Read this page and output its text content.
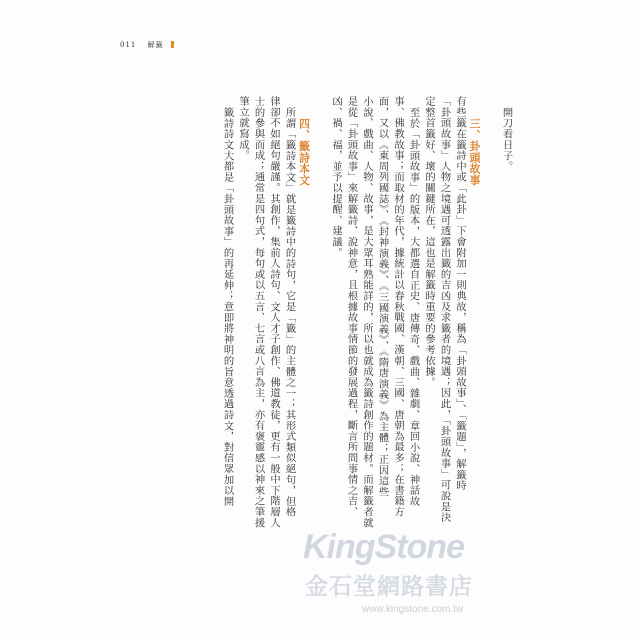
011 解籤
開刀看日子。
三、卦頭故事
有些籤在籤詩中或「此卦」下會附加一則典故，稱為「卦頭故事」、「籤題」，解籤時
「卦頭故事」人物之境遇可透露出籤的吉凶及求籤者的境遇；因此，「卦頭故事」可說是決
定整首籤好、壞的關鍵所在，這也是解籤時重要的參考依據。
至於「卦頭故事」的版本，大都選自正史、唐傳奇、戲曲、雜劇、章回小說、神話故
事、佛教故事；而取材的年代，據統計以春秋戰國、漢朝、三國、唐朝為最多；在書籍方
面，又以《東周列國誌》、《封神演義》、《三國演義》、《隋唐演義》為主體；正因這些
小說、戲曲、人物、故事，是大眾耳熟能詳的，所以也就成為籤詩創作的題材。而解籤者就
是從「卦頭故事」來解籤詩、說神意，且根據故事情節的發展過程，斷言所問事情之吉、
凶、禍、福，並予以提醒、建議。
四、籤詩本文
所謂「籤詩本文」就是籤詩中的詩句，它是「籤」的主體之一；其形式類似絕句，但格
律卻不如絕句嚴謹。其創作，集前人詩句、文人才子創作、佛道教徒，更有一般中下階層人
士的參與而成；通常是四句式，每句或以五言、七言或八言為主，亦有褒靈感以神來之筆援
筆立就寫成。
籤詩詩文大都是「卦頭故事」的再延伸；意即將神明的旨意透過詩文，對信眾加以開
KingStone
金石堂網路書店
www.kingstone.com.tw
